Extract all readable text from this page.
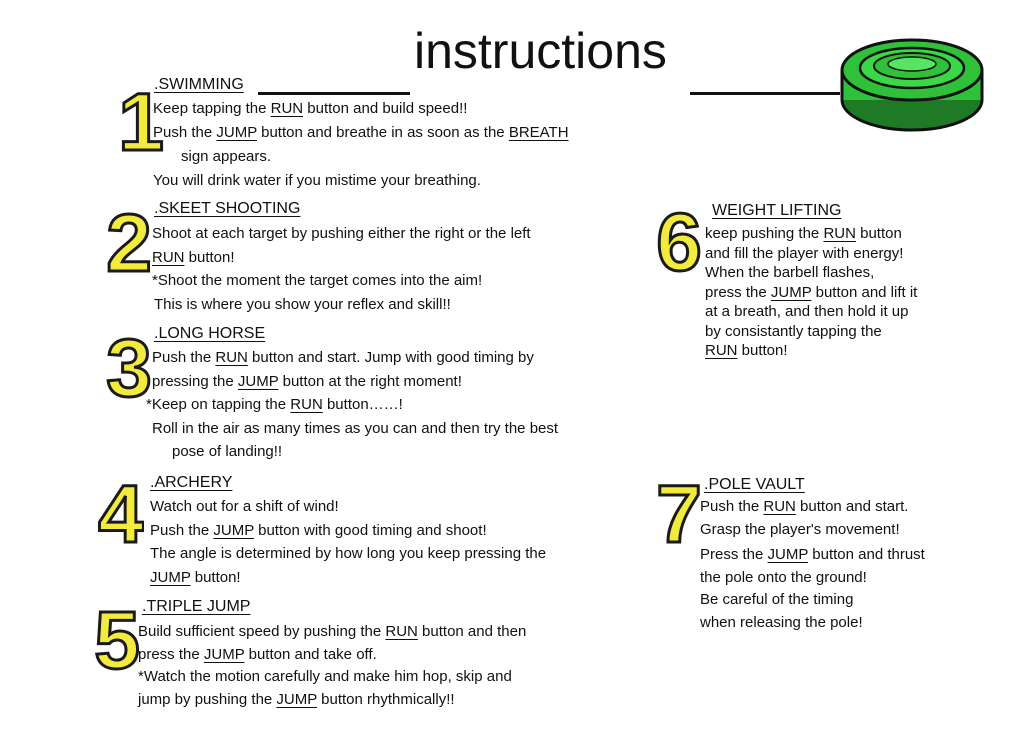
instructions
1
.SWIMMING
Keep tapping the RUN button and build speed!!
Push the JUMP button and breathe in as soon as the BREATH
sign appears.
You will drink water if you mistime your breathing.
2 .SKEET SHOOTING
Shoot at each target by pushing either the right or the left
RUN button!
*Shoot the moment the target comes into the aim!
This is where you show your reflex and skill!!
3 .LONG HORSE
Push the RUN button and start. Jump with good timing by
pressing the JUMP button at the right moment!
*Keep on tapping the RUN button……!
Roll in the air as many times as you can and then try the best
pose of landing!!
4 .ARCHERY
Watch out for a shift of wind!
Push the JUMP button with good timing and shoot!
The angle is determined by how long you keep pressing the
JUMP button!
5 .TRIPLE JUMP
Build sufficient speed by pushing the RUN button and then
press the JUMP button and take off.
*Watch the motion carefully and make him hop, skip and
jump by pushing the JUMP button rhythmically!!
6 WEIGHT LIFTING
keep pushing the RUN button
and fill the player with energy!
When the barbell flashes,
press the JUMP button and lift it
at a breath, and then hold it up
by consistantly tapping the
RUN button!
7 .POLE VAULT
Push the RUN button and start.
Grasp the player's movement!
Press the JUMP button and thrust
the pole onto the ground!
Be careful of the timing
when releasing the pole!
